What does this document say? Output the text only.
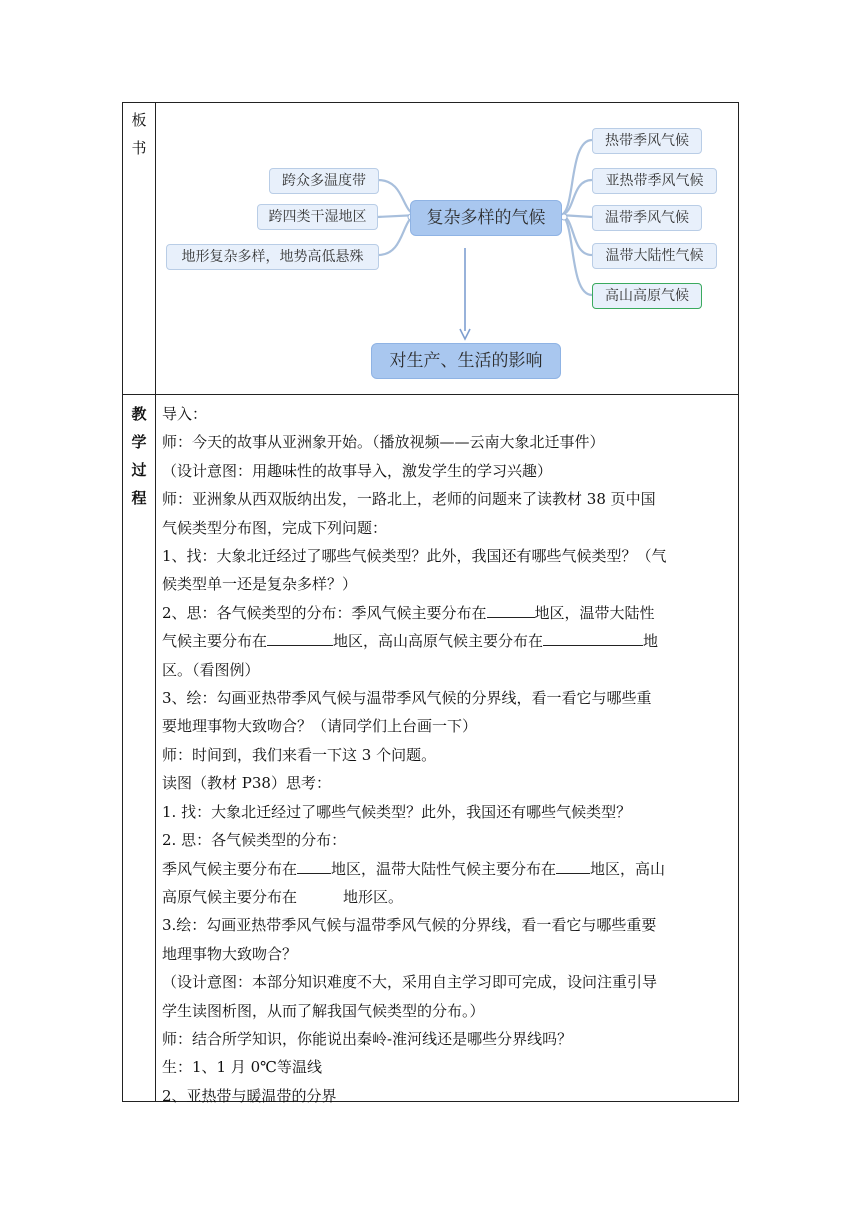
板
书
教
学
过
程
跨众多温度带
跨四类干湿地区
地形复杂多样，地势高低悬殊
复杂多样的气候
热带季风气候
亚热带季风气候
温带季风气候
温带大陆性气候
高山高原气候
对生产、生活的影响

导入：

师：今天的故事从亚洲象开始。（播放视频——云南大象北迁事件）

（设计意图：用趣味性的故事导入，激发学生的学习兴趣）

师：亚洲象从西双版纳出发，一路北上，老师的问题来了读教材 38 页中国

气候类型分布图，完成下列问题：

1、找：大象北迁经过了哪些气候类型？此外，我国还有哪些气候类型？（气

候类型单一还是复杂多样？）

2、思：各气候类型的分布：季风气候主要分布在	地区，温带大陆性

气候主要分布在	地区，高山高原气候主要分布在	地

区。（看图例）

3、绘：勾画亚热带季风气候与温带季风气候的分界线，看一看它与哪些重

要地理事物大致吻合？（请同学们上台画一下）

师：时间到，我们来看一下这 3 个问题。

读图（教材 P38）思考：

1. 找：大象北迁经过了哪些气候类型？此外，我国还有哪些气候类型？

2. 思：各气候类型的分布：

季风气候主要分布在 地区，温带大陆性气候主要分布在 地区，高山

高原气候主要分布在	地形区。

3.绘：勾画亚热带季风气候与温带季风气候的分界线，看一看它与哪些重要

地理事物大致吻合？

（设计意图：本部分知识难度不大，采用自主学习即可完成，设问注重引导

学生读图析图，从而了解我国气候类型的分布。）

师：结合所学知识，你能说出秦岭-淮河线还是哪些分界线吗？

生：1、1 月 0℃等温线

2、亚热带与暖温带的分界
